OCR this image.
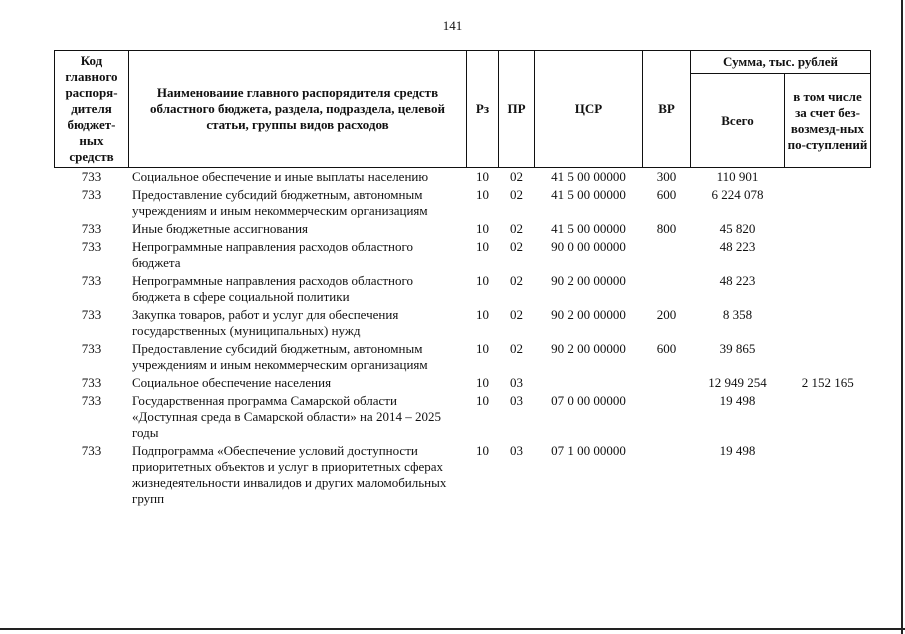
141
Код главного распоря-дителя бюджет-ных средств	Наименоваиие главного распорядителя средств областного бюджета, раздела, подраздела, целевой статьи, группы видов расходов	Рз	ПР	ЦСР	ВР	Сумма, тыс. рублей	
						Всего	в том числе за счет без-возмезд-ных по-ступлений
733	Социальное обеспечение и иные выплаты населению	10	02	41 5 00 00000	300	110 901	
733	Предоставление субсидий бюджетным, автономным учреждениям и иным некоммерческим организациям	10	02	41 5 00 00000	600	6 224 078	
733	Иные бюджетные ассигнования	10	02	41 5 00 00000	800	45 820	
733	Непрограммные направления расходов областного бюджета	10	02	90 0 00 00000		48 223	
733	Непрограммные направления расходов областного бюджета в сфере социальной политики	10	02	90 2 00 00000		48 223	
733	Закупка товаров, работ и услуг для обеспечения государственных (муниципальных) нужд	10	02	90 2 00 00000	200	8 358	
733	Предоставление субсидий бюджетным, автономным учреждениям и иным некоммерческим организациям	10	02	90 2 00 00000	600	39 865	
733	Социальное обеспечение населения	10	03			12 949 254	2 152 165
733	Государственная программа Самарской области «Доступная среда в Самарской области» на 2014 – 2025 годы	10	03	07 0 00 00000		19 498	
733	Подпрограмма «Обеспечение условий доступности приоритетных объектов и услуг в приоритетных сферах жизнедеятельности инвалидов и других маломобильных групп	10	03	07 1 00 00000		19 498	
